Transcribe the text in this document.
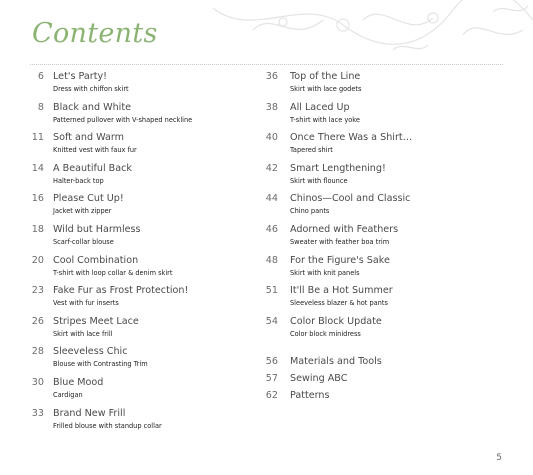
Contents
6 Let's Party!
Dress with chiffon skirt
8 Black and White
Patterned pullover with V-shaped neckline
11 Soft and Warm
Knitted vest with faux fur
14 A Beautiful Back
Halter-back top
16 Please Cut Up!
Jacket with zipper
18 Wild but Harmless
Scarf-collar blouse
20 Cool Combination
T-shirt with loop collar & denim skirt
23 Fake Fur as Frost Protection!
Vest with fur inserts
26 Stripes Meet Lace
Skirt with lace frill
28 Sleeveless Chic
Blouse with Contrasting Trim
30 Blue Mood
Cardigan
33 Brand New Frill
Frilled blouse with standup collar
36 Top of the Line
Skirt with lace godets
38 All Laced Up
T-shirt with lace yoke
40 Once There Was a Shirt…
Tapered shirt
42 Smart Lengthening!
Skirt with flounce
44 Chinos—Cool and Classic
Chino pants
46 Adorned with Feathers
Sweater with feather boa trim
48 For the Figure's Sake
Skirt with knit panels
51 It'll Be a Hot Summer
Sleeveless blazer & hot pants
54 Color Block Update
Color block minidress
56 Materials and Tools
57 Sewing ABC
62 Patterns
5
